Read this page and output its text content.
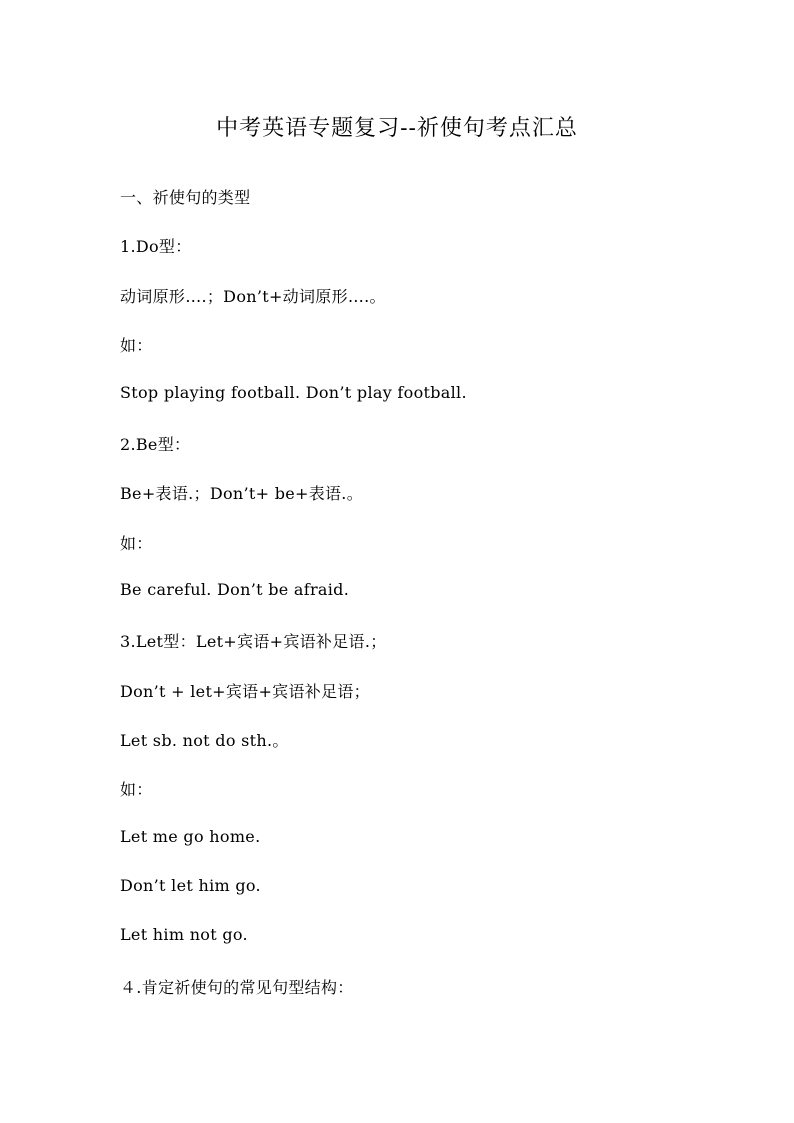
中考英语专题复习--祈使句考点汇总
一、祈使句的类型
1.Do型：
动词原形….；Don’t+动词原形….。
如：
Stop playing football. Don’t play football.
2.Be型：
Be+表语.；Don’t+ be+表语.。
如：
Be careful. Don’t be afraid.
3.Let型：Let+宾语+宾语补足语.；
Don’t + let+宾语+宾语补足语；
Let sb. not do sth.。
如：
Let me go home.
Don’t let him go.
Let him not go.
４.肯定祈使句的常见句型结构：
